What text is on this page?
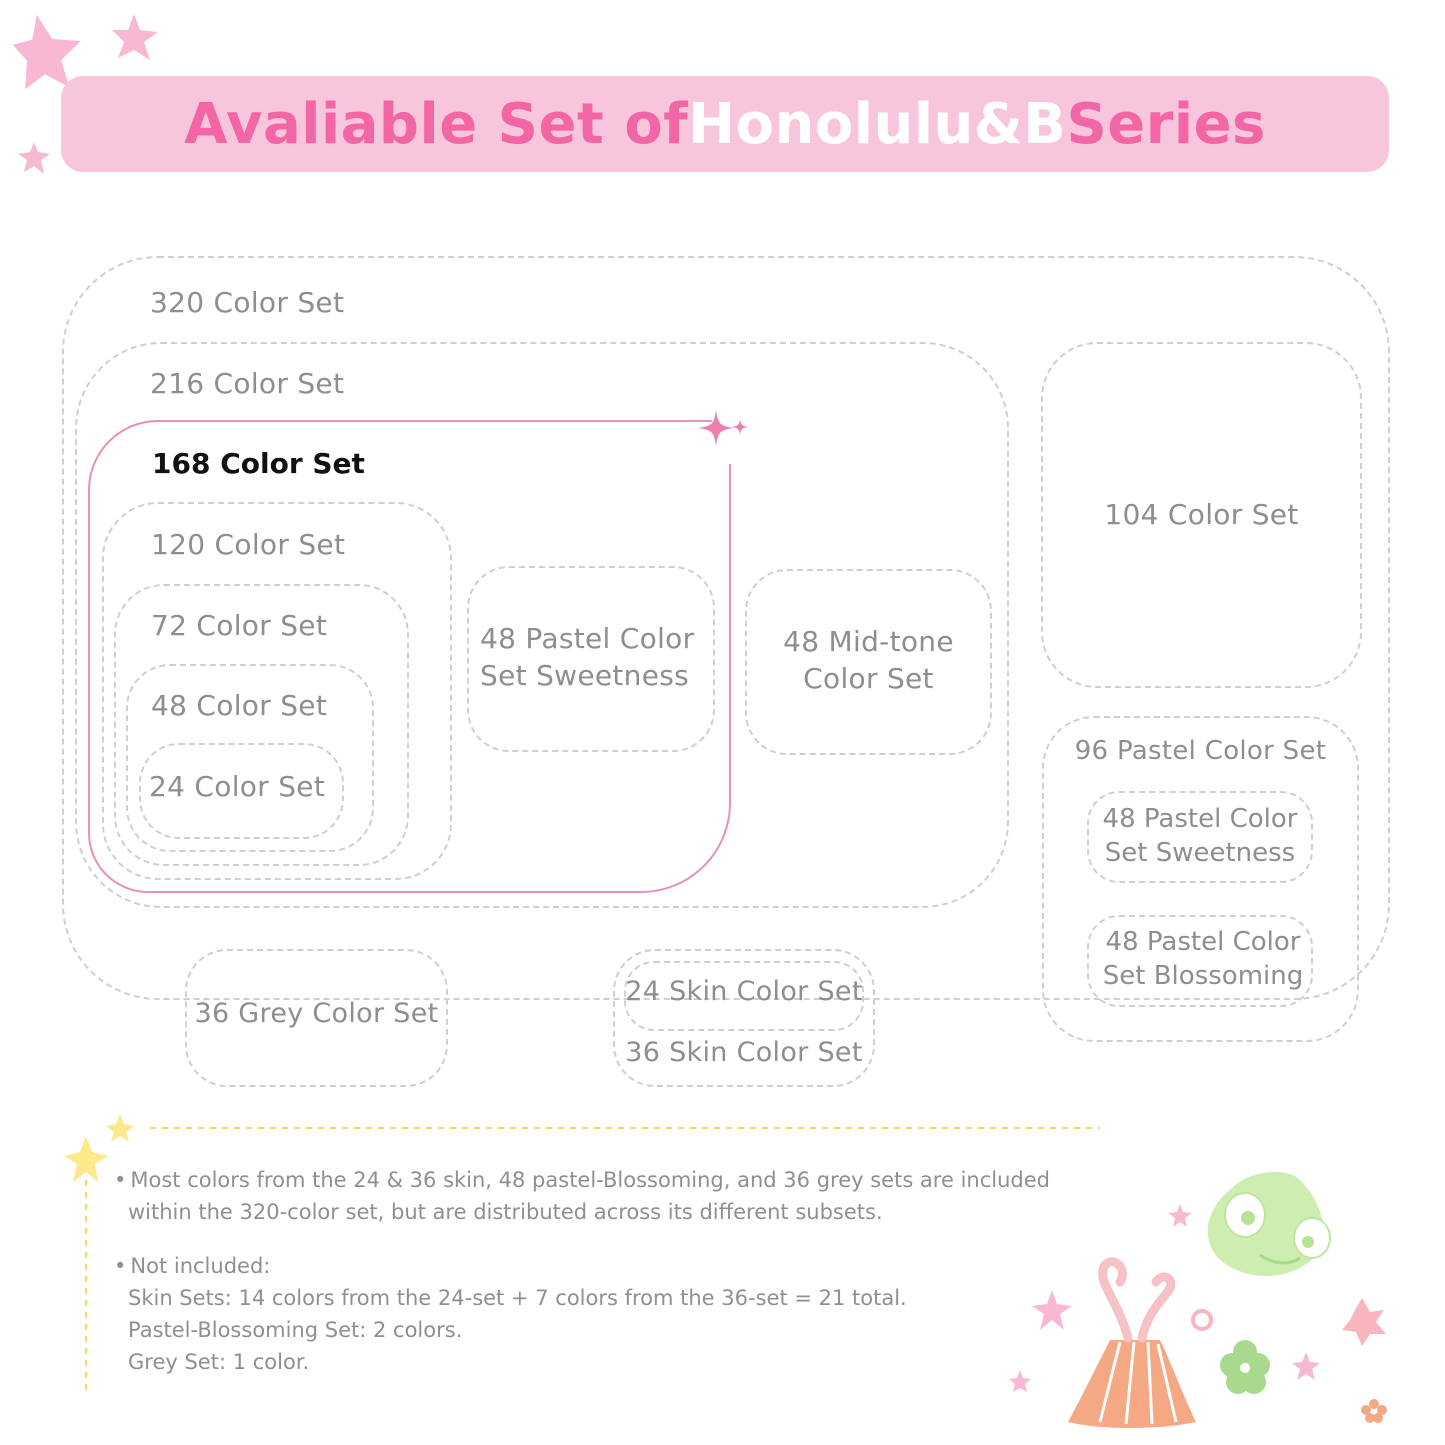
Avaliable Set of Honolulu&B Series
320 Color Set
216 Color Set
168 Color Set
120 Color Set
72 Color Set
48 Color Set
24 Color Set
48 Pastel Color
Set Sweetness
48 Mid-tone
Color Set
104 Color Set
96 Pastel Color Set
48 Pastel Color
Set Sweetness
48 Pastel Color
Set Blossoming
36 Grey Color Set
24 Skin Color Set
36 Skin Color Set
• Most colors from the 24 & 36 skin, 48 pastel-Blossoming, and 36 grey sets are included
within the 320-color set, but are distributed across its different subsets.
• Not included:
Skin Sets: 14 colors from the 24-set + 7 colors from the 36-set = 21 total.
Pastel-Blossoming Set: 2 colors.
Grey Set: 1 color.
